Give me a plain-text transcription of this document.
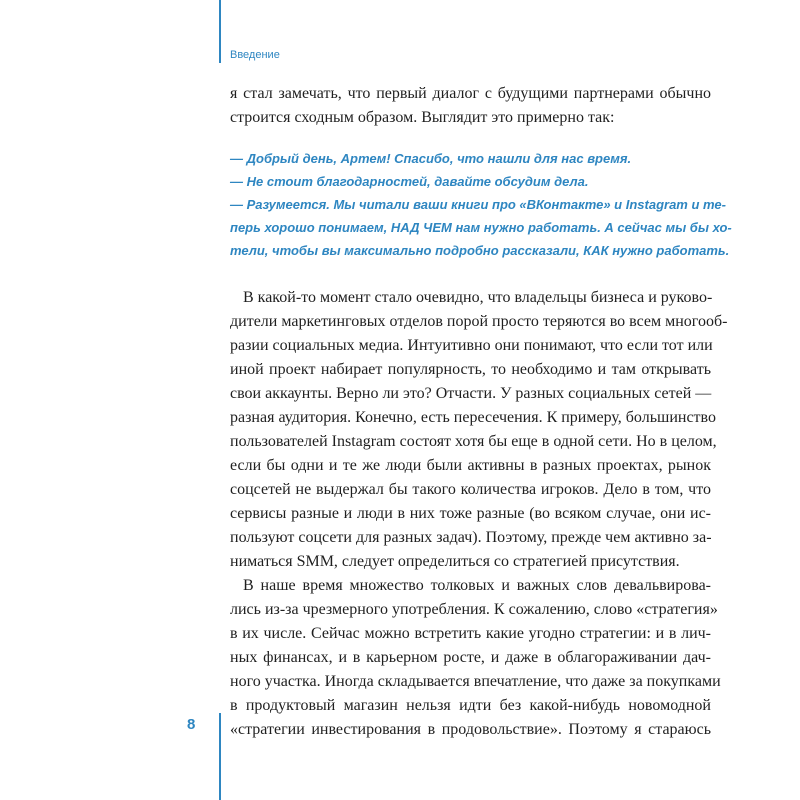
Введение
8
я стал замечать, что первый диалог с будущими партнерами обычно
строится сходным образом. Выглядит это примерно так:
— Добрый день, Артем! Спасибо, что нашли для нас время.
— Не стоит благодарностей, давайте обсудим дела.
— Разумеется. Мы читали ваши книги про «ВКонтакте» и Instagram и те-
перь хорошо понимаем, НАД ЧЕМ нам нужно работать. А сейчас мы бы хо-
тели, чтобы вы максимально подробно рассказали, КАК нужно работать.
В какой-то момент стало очевидно, что владельцы бизнеса и руково-
дители маркетинговых отделов порой просто теряются во всем многооб-
разии социальных медиа. Интуитивно они понимают, что если тот или
иной проект набирает популярность, то необходимо и там открывать
свои аккаунты. Верно ли это? Отчасти. У разных социальных сетей —
разная аудитория. Конечно, есть пересечения. К примеру, большинство
пользователей Instagram состоят хотя бы еще в одной сети. Но в целом,
если бы одни и те же люди были активны в разных проектах, рынок
соцсетей не выдержал бы такого количества игроков. Дело в том, что
сервисы разные и люди в них тоже разные (во всяком случае, они ис-
пользуют соцсети для разных задач). Поэтому, прежде чем активно за-
ниматься SMM, следует определиться со стратегией присутствия.
В наше время множество толковых и важных слов девальвирова-
лись из-за чрезмерного употребления. К сожалению, слово «стратегия»
в их числе. Сейчас можно встретить какие угодно стратегии: и в лич-
ных финансах, и в карьерном росте, и даже в облагораживании дач-
ного участка. Иногда складывается впечатление, что даже за покупками
в продуктовый магазин нельзя идти без какой-нибудь новомодной
«стратегии инвестирования в продовольствие». Поэтому я стараюсь
